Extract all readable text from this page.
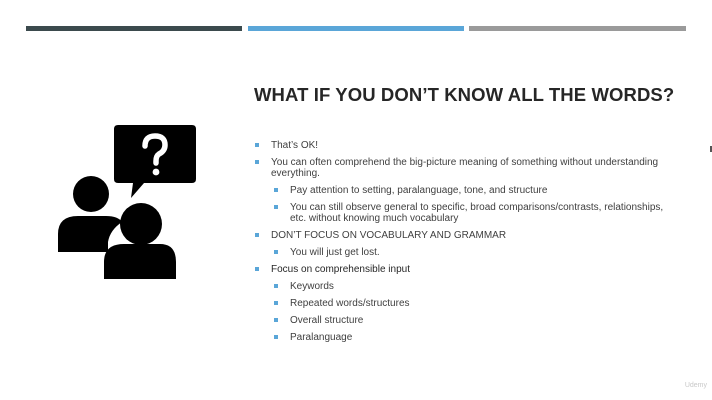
WHAT IF YOU DON’T KNOW ALL THE WORDS?
That’s OK!
You can often comprehend the big-picture meaning of something without understanding everything.
Pay attention to setting, paralanguage, tone, and structure
You can still observe general to specific, broad comparisons/contrasts, relationships, etc. without knowing much vocabulary
DON’T FOCUS ON VOCABULARY AND GRAMMAR
You will just get lost.
Focus on comprehensible input
Keywords
Repeated words/structures
Overall structure
Paralanguage
Udemy
